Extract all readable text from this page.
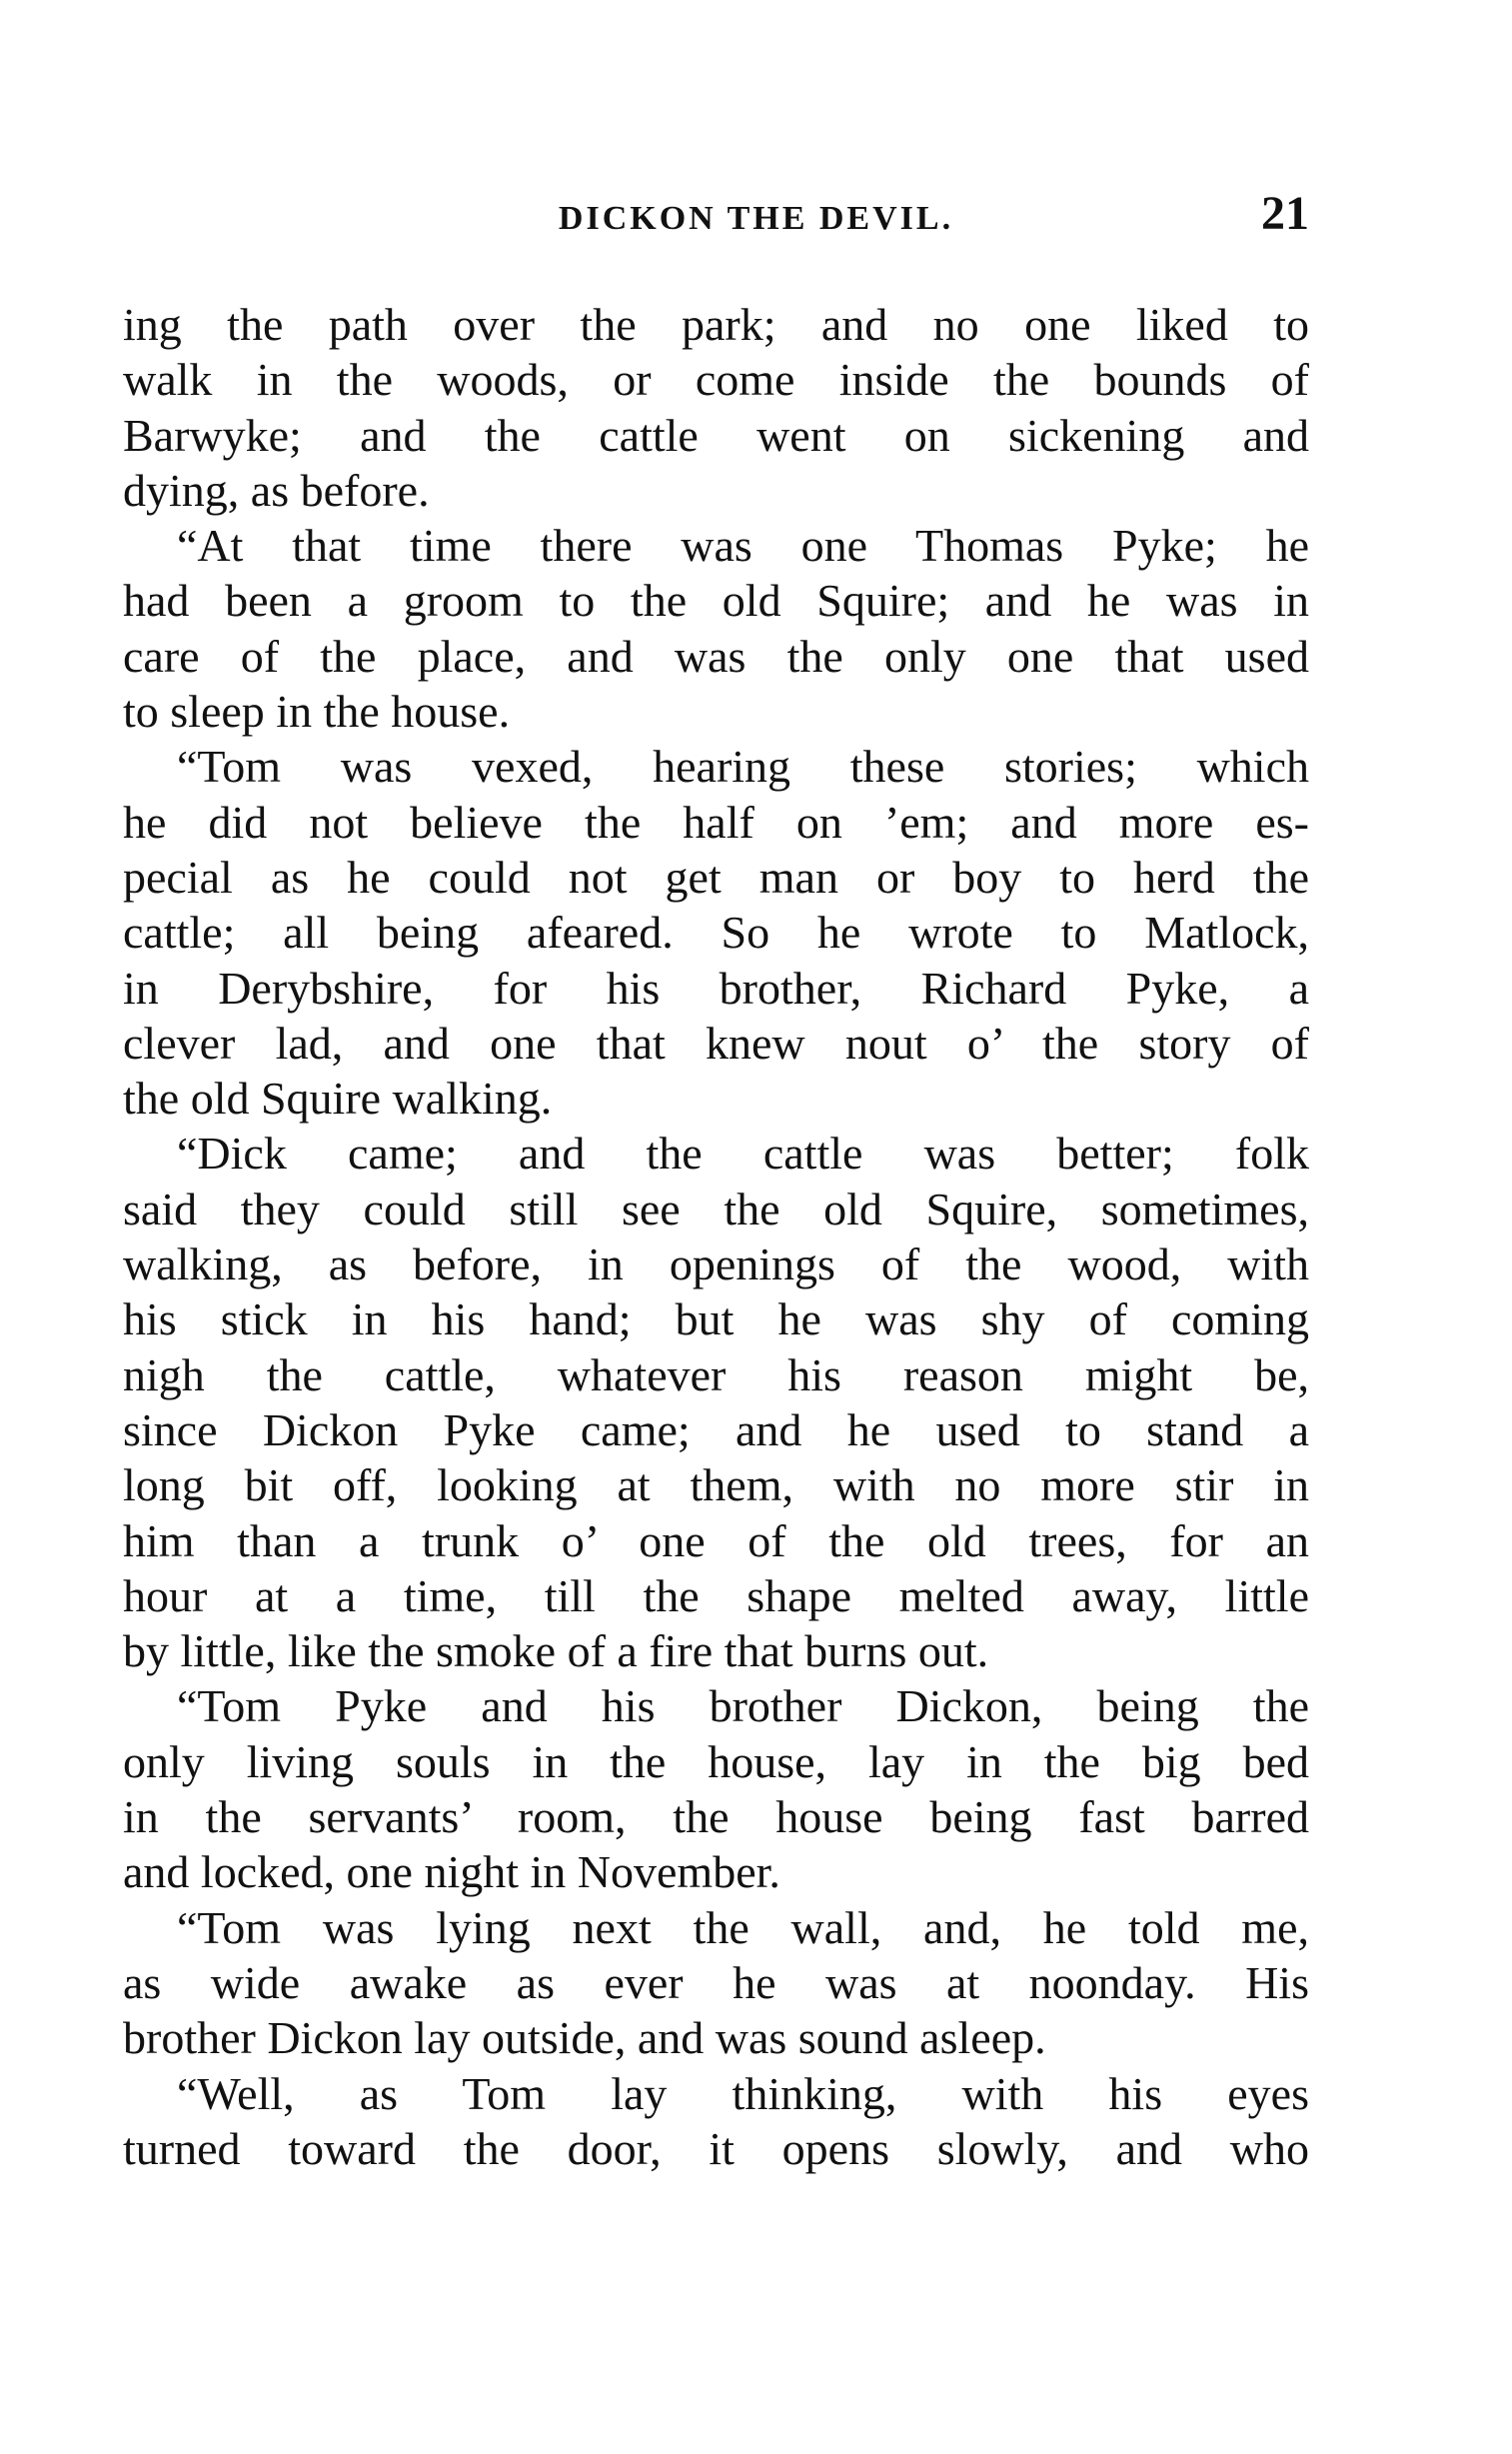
DICKON THE DEVIL.	21
ing the path over the park; and no one liked to
walk in the woods, or come inside the bounds of
Barwyke; and the cattle went on sickening and
dying, as before.
“At that time there was one Thomas Pyke; he
had been a groom to the old Squire; and he was in
care of the place, and was the only one that used
to sleep in the house.
“Tom was vexed, hearing these stories; which
he did not believe the half on ’em; and more es-
pecial as he could not get man or boy to herd the
cattle; all being afeared. So he wrote to Matlock,
in Derybshire, for his brother, Richard Pyke, a
clever lad, and one that knew nout o’ the story of
the old Squire walking.
“Dick came; and the cattle was better; folk
said they could still see the old Squire, sometimes,
walking, as before, in openings of the wood, with
his stick in his hand; but he was shy of coming
nigh the cattle, whatever his reason might be,
since Dickon Pyke came; and he used to stand a
long bit off, looking at them, with no more stir in
him than a trunk o’ one of the old trees, for an
hour at a time, till the shape melted away, little
by little, like the smoke of a fire that burns out.
“Tom Pyke and his brother Dickon, being the
only living souls in the house, lay in the big bed
in the servants’ room, the house being fast barred
and locked, one night in November.
“Tom was lying next the wall, and, he told me,
as wide awake as ever he was at noonday. His
brother Dickon lay outside, and was sound asleep.
“Well, as Tom lay thinking, with his eyes
turned toward the door, it opens slowly, and who
